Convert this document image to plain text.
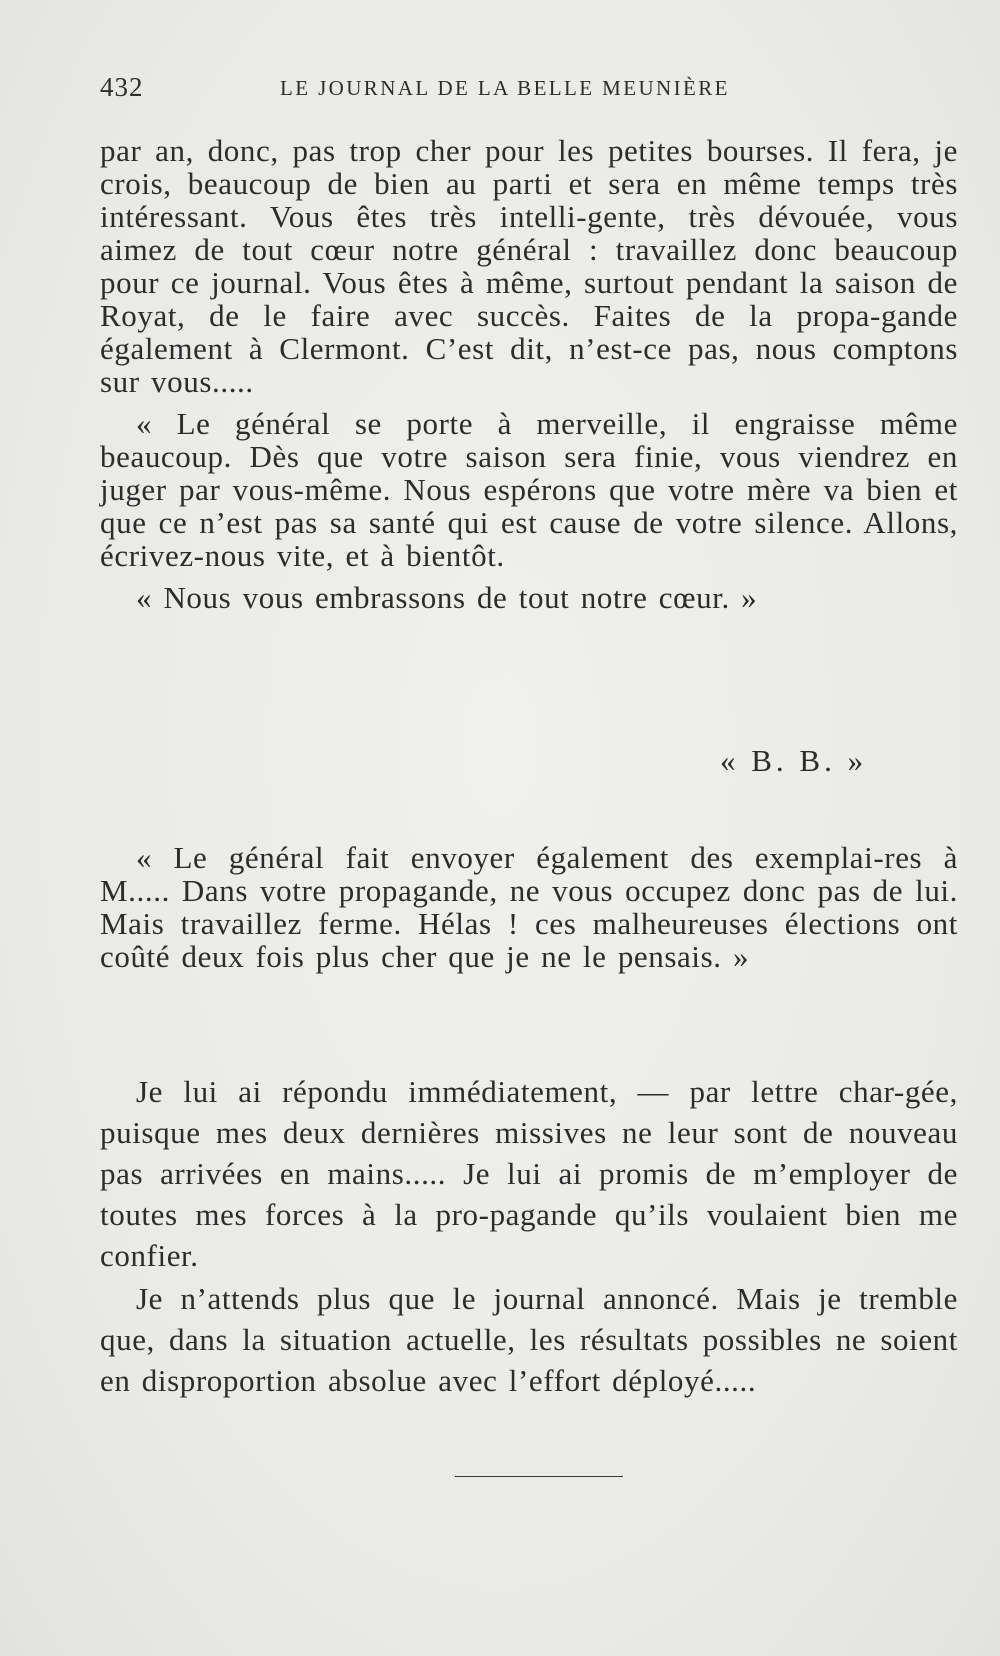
432	LE JOURNAL DE LA BELLE MEUNIÈRE

par an, donc, pas trop cher pour les petites bourses. Il fera, je crois, beaucoup de bien au parti et sera en même temps très intéressant. Vous êtes très intelli-gente, très dévouée, vous aimez de tout cœur notre général : travaillez donc beaucoup pour ce journal. Vous êtes à même, surtout pendant la saison de Royat, de le faire avec succès. Faites de la propa-gande également à Clermont. C’est dit, n’est-ce pas, nous comptons sur vous.....

« Le général se porte à merveille, il engraisse même beaucoup. Dès que votre saison sera finie, vous viendrez en juger par vous-même. Nous espérons que votre mère va bien et que ce n’est pas sa santé qui est cause de votre silence. Allons, écrivez-nous vite, et à bientôt.

« Nous vous embrassons de tout notre cœur. »

« B. B. »

« Le général fait envoyer également des exemplai-res à M..... Dans votre propagande, ne vous occupez donc pas de lui. Mais travaillez ferme. Hélas ! ces malheureuses élections ont coûté deux fois plus cher que je ne le pensais. »

Je lui ai répondu immédiatement, — par lettre char-gée, puisque mes deux dernières missives ne leur sont de nouveau pas arrivées en mains..... Je lui ai promis de m’employer de toutes mes forces à la pro-pagande qu’ils voulaient bien me confier.

Je n’attends plus que le journal annoncé. Mais je tremble que, dans la situation actuelle, les résultats possibles ne soient en disproportion absolue avec l’effort déployé.....
